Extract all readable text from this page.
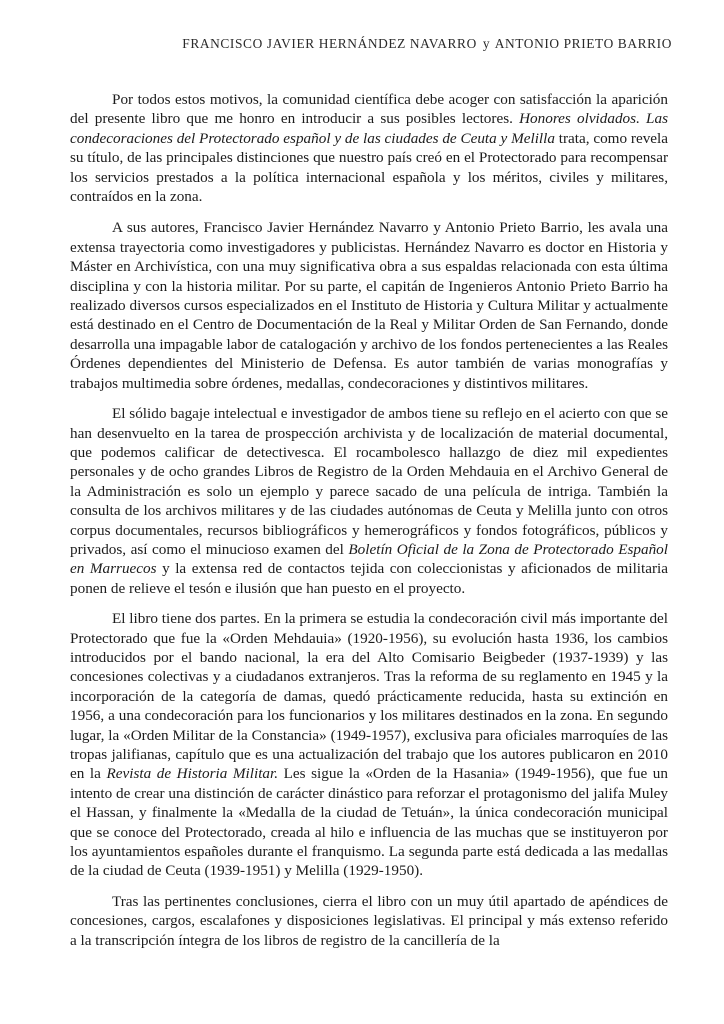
FRANCISCO JAVIER HERNÁNDEZ NAVARRO y ANTONIO PRIETO BARRIO

Por todos estos motivos, la comunidad científica debe acoger con satisfacción la aparición del presente libro que me honro en introducir a sus posibles lectores. Honores olvidados. Las condecoraciones del Protectorado español y de las ciudades de Ceuta y Melilla trata, como revela su título, de las principales distinciones que nuestro país creó en el Protectorado para recompensar los servicios prestados a la política internacional española y los méritos, civiles y militares, contraídos en la zona.

A sus autores, Francisco Javier Hernández Navarro y Antonio Prieto Barrio, les avala una extensa trayectoria como investigadores y publicistas. Hernández Navarro es doctor en Historia y Máster en Archivística, con una muy significativa obra a sus espaldas relacionada con esta última disciplina y con la historia militar. Por su parte, el capitán de Ingenieros Antonio Prieto Barrio ha realizado diversos cursos especializados en el Instituto de Historia y Cultura Militar y actualmente está destinado en el Centro de Documentación de la Real y Militar Orden de San Fernando, donde desarrolla una impagable labor de catalogación y archivo de los fondos pertenecientes a las Reales Órdenes dependientes del Ministerio de Defensa. Es autor también de varias monografías y trabajos multimedia sobre órdenes, medallas, condecoraciones y distintivos militares.

El sólido bagaje intelectual e investigador de ambos tiene su reflejo en el acierto con que se han desenvuelto en la tarea de prospección archivista y de localización de material documental, que podemos calificar de detectivesca. El rocambolesco hallazgo de diez mil expedientes personales y de ocho grandes Libros de Registro de la Orden Mehdauia en el Archivo General de la Administración es solo un ejemplo y parece sacado de una película de intriga. También la consulta de los archivos militares y de las ciudades autónomas de Ceuta y Melilla junto con otros corpus documentales, recursos bibliográficos y hemerográficos y fondos fotográficos, públicos y privados, así como el minucioso examen del Boletín Oficial de la Zona de Protectorado Español en Marruecos y la extensa red de contactos tejida con coleccionistas y aficionados de militaria ponen de relieve el tesón e ilusión que han puesto en el proyecto.

El libro tiene dos partes. En la primera se estudia la condecoración civil más importante del Protectorado que fue la «Orden Mehdauia» (1920-1956), su evolución hasta 1936, los cambios introducidos por el bando nacional, la era del Alto Comisario Beigbeder (1937-1939) y las concesiones colectivas y a ciudadanos extranjeros. Tras la reforma de su reglamento en 1945 y la incorporación de la categoría de damas, quedó prácticamente reducida, hasta su extinción en 1956, a una condecoración para los funcionarios y los militares destinados en la zona. En segundo lugar, la «Orden Militar de la Constancia» (1949-1957), exclusiva para oficiales marroquíes de las tropas jalifianas, capítulo que es una actualización del trabajo que los autores publicaron en 2010 en la Revista de Historia Militar. Les sigue la «Orden de la Hasania» (1949-1956), que fue un intento de crear una distinción de carácter dinástico para reforzar el protagonismo del jalifa Muley el Hassan, y finalmente la «Medalla de la ciudad de Tetuán», la única condecoración municipal que se conoce del Protectorado, creada al hilo e influencia de las muchas que se instituyeron por los ayuntamientos españoles durante el franquismo. La segunda parte está dedicada a las medallas de la ciudad de Ceuta (1939-1951) y Melilla (1929-1950).

Tras las pertinentes conclusiones, cierra el libro con un muy útil apartado de apéndices de concesiones, cargos, escalafones y disposiciones legislativas. El principal y más extenso referido a la transcripción íntegra de los libros de registro de la cancillería de la
